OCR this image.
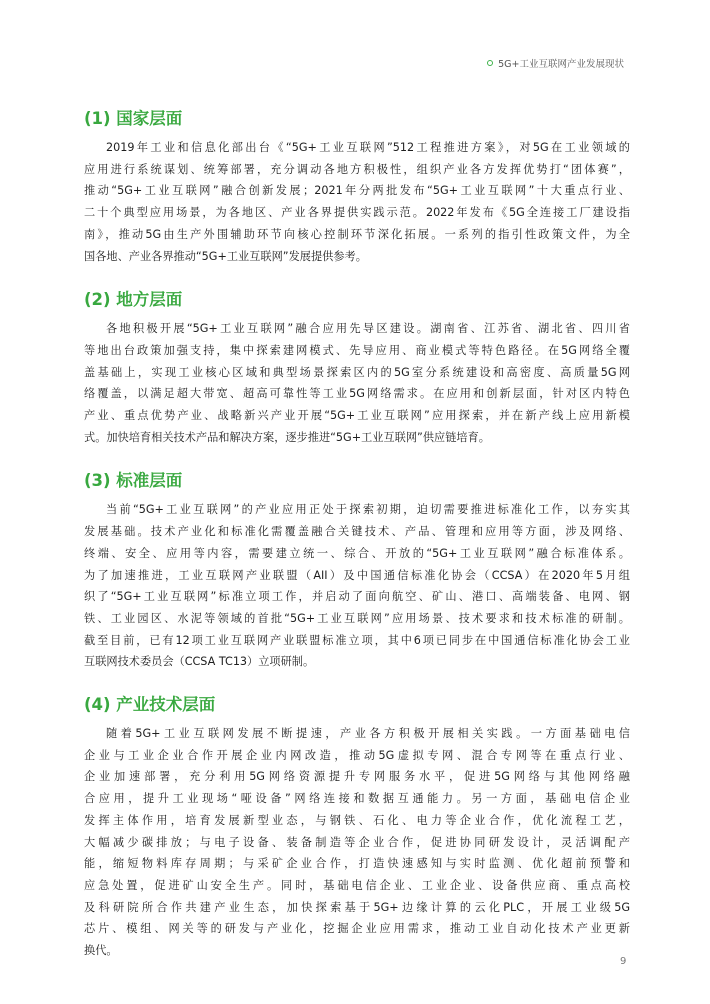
5G+工业互联网产业发展现状
(1) 国家层面
2019年工业和信息化部出台《“5G+工业互联网”512工程推进方案》，对5G在工业领域的
应用进行系统谋划、统筹部署，充分调动各地方积极性，组织产业各方发挥优势打“团体赛”，
推动“5G+工业互联网”融合创新发展；2021年分两批发布“5G+工业互联网”十大重点行业、
二十个典型应用场景，为各地区、产业各界提供实践示范。2022年发布《5G全连接工厂建设指
南》，推动5G由生产外围辅助环节向核心控制环节深化拓展。一系列的指引性政策文件，为全
国各地、产业各界推动“5G+工业互联网”发展提供参考。
(2) 地方层面
各地积极开展“5G+工业互联网”融合应用先导区建设。湖南省、江苏省、湖北省、四川省
等地出台政策加强支持，集中探索建网模式、先导应用、商业模式等特色路径。在5G网络全覆
盖基础上，实现工业核心区域和典型场景探索区内的5G室分系统建设和高密度、高质量5G网
络覆盖，以满足超大带宽、超高可靠性等工业5G网络需求。在应用和创新层面，针对区内特色
产业、重点优势产业、战略新兴产业开展“5G+工业互联网”应用探索，并在新产线上应用新模
式。加快培育相关技术产品和解决方案，逐步推进“5G+工业互联网”供应链培育。
(3) 标准层面
当前“5G+工业互联网”的产业应用正处于探索初期，迫切需要推进标准化工作，以夯实其
发展基础。技术产业化和标准化需覆盖融合关键技术、产品、管理和应用等方面，涉及网络、
终端、安全、应用等内容，需要建立统一、综合、开放的“5G+工业互联网”融合标准体系。
为了加速推进，工业互联网产业联盟（AII）及中国通信标准化协会（CCSA）在2020年5月组
织了“5G+工业互联网”标准立项工作，并启动了面向航空、矿山、港口、高端装备、电网、钢
铁、工业园区、水泥等领域的首批“5G+工业互联网”应用场景、技术要求和技术标准的研制。
截至目前，已有12项工业互联网产业联盟标准立项，其中6项已同步在中国通信标准化协会工业
互联网技术委员会（CCSA TC13）立项研制。
(4) 产业技术层面
随着5G+工业互联网发展不断提速，产业各方积极开展相关实践。一方面基础电信
企业与工业企业合作开展企业内网改造，推动5G虚拟专网、混合专网等在重点行业、
企业加速部署，充分利用5G网络资源提升专网服务水平，促进5G网络与其他网络融
合应用，提升工业现场“哑设备”网络连接和数据互通能力。另一方面，基础电信企业
发挥主体作用，培育发展新型业态，与钢铁、石化、电力等企业合作，优化流程工艺，
大幅减少碳排放；与电子设备、装备制造等企业合作，促进协同研发设计，灵活调配产
能，缩短物料库存周期；与采矿企业合作，打造快速感知与实时监测、优化超前预警和
应急处置，促进矿山安全生产。同时，基础电信企业、工业企业、设备供应商、重点高校
及科研院所合作共建产业生态，加快探索基于5G+边缘计算的云化PLC，开展工业级5G
芯片、模组、网关等的研发与产业化，挖掘企业应用需求，推动工业自动化技术产业更新
换代。
9
